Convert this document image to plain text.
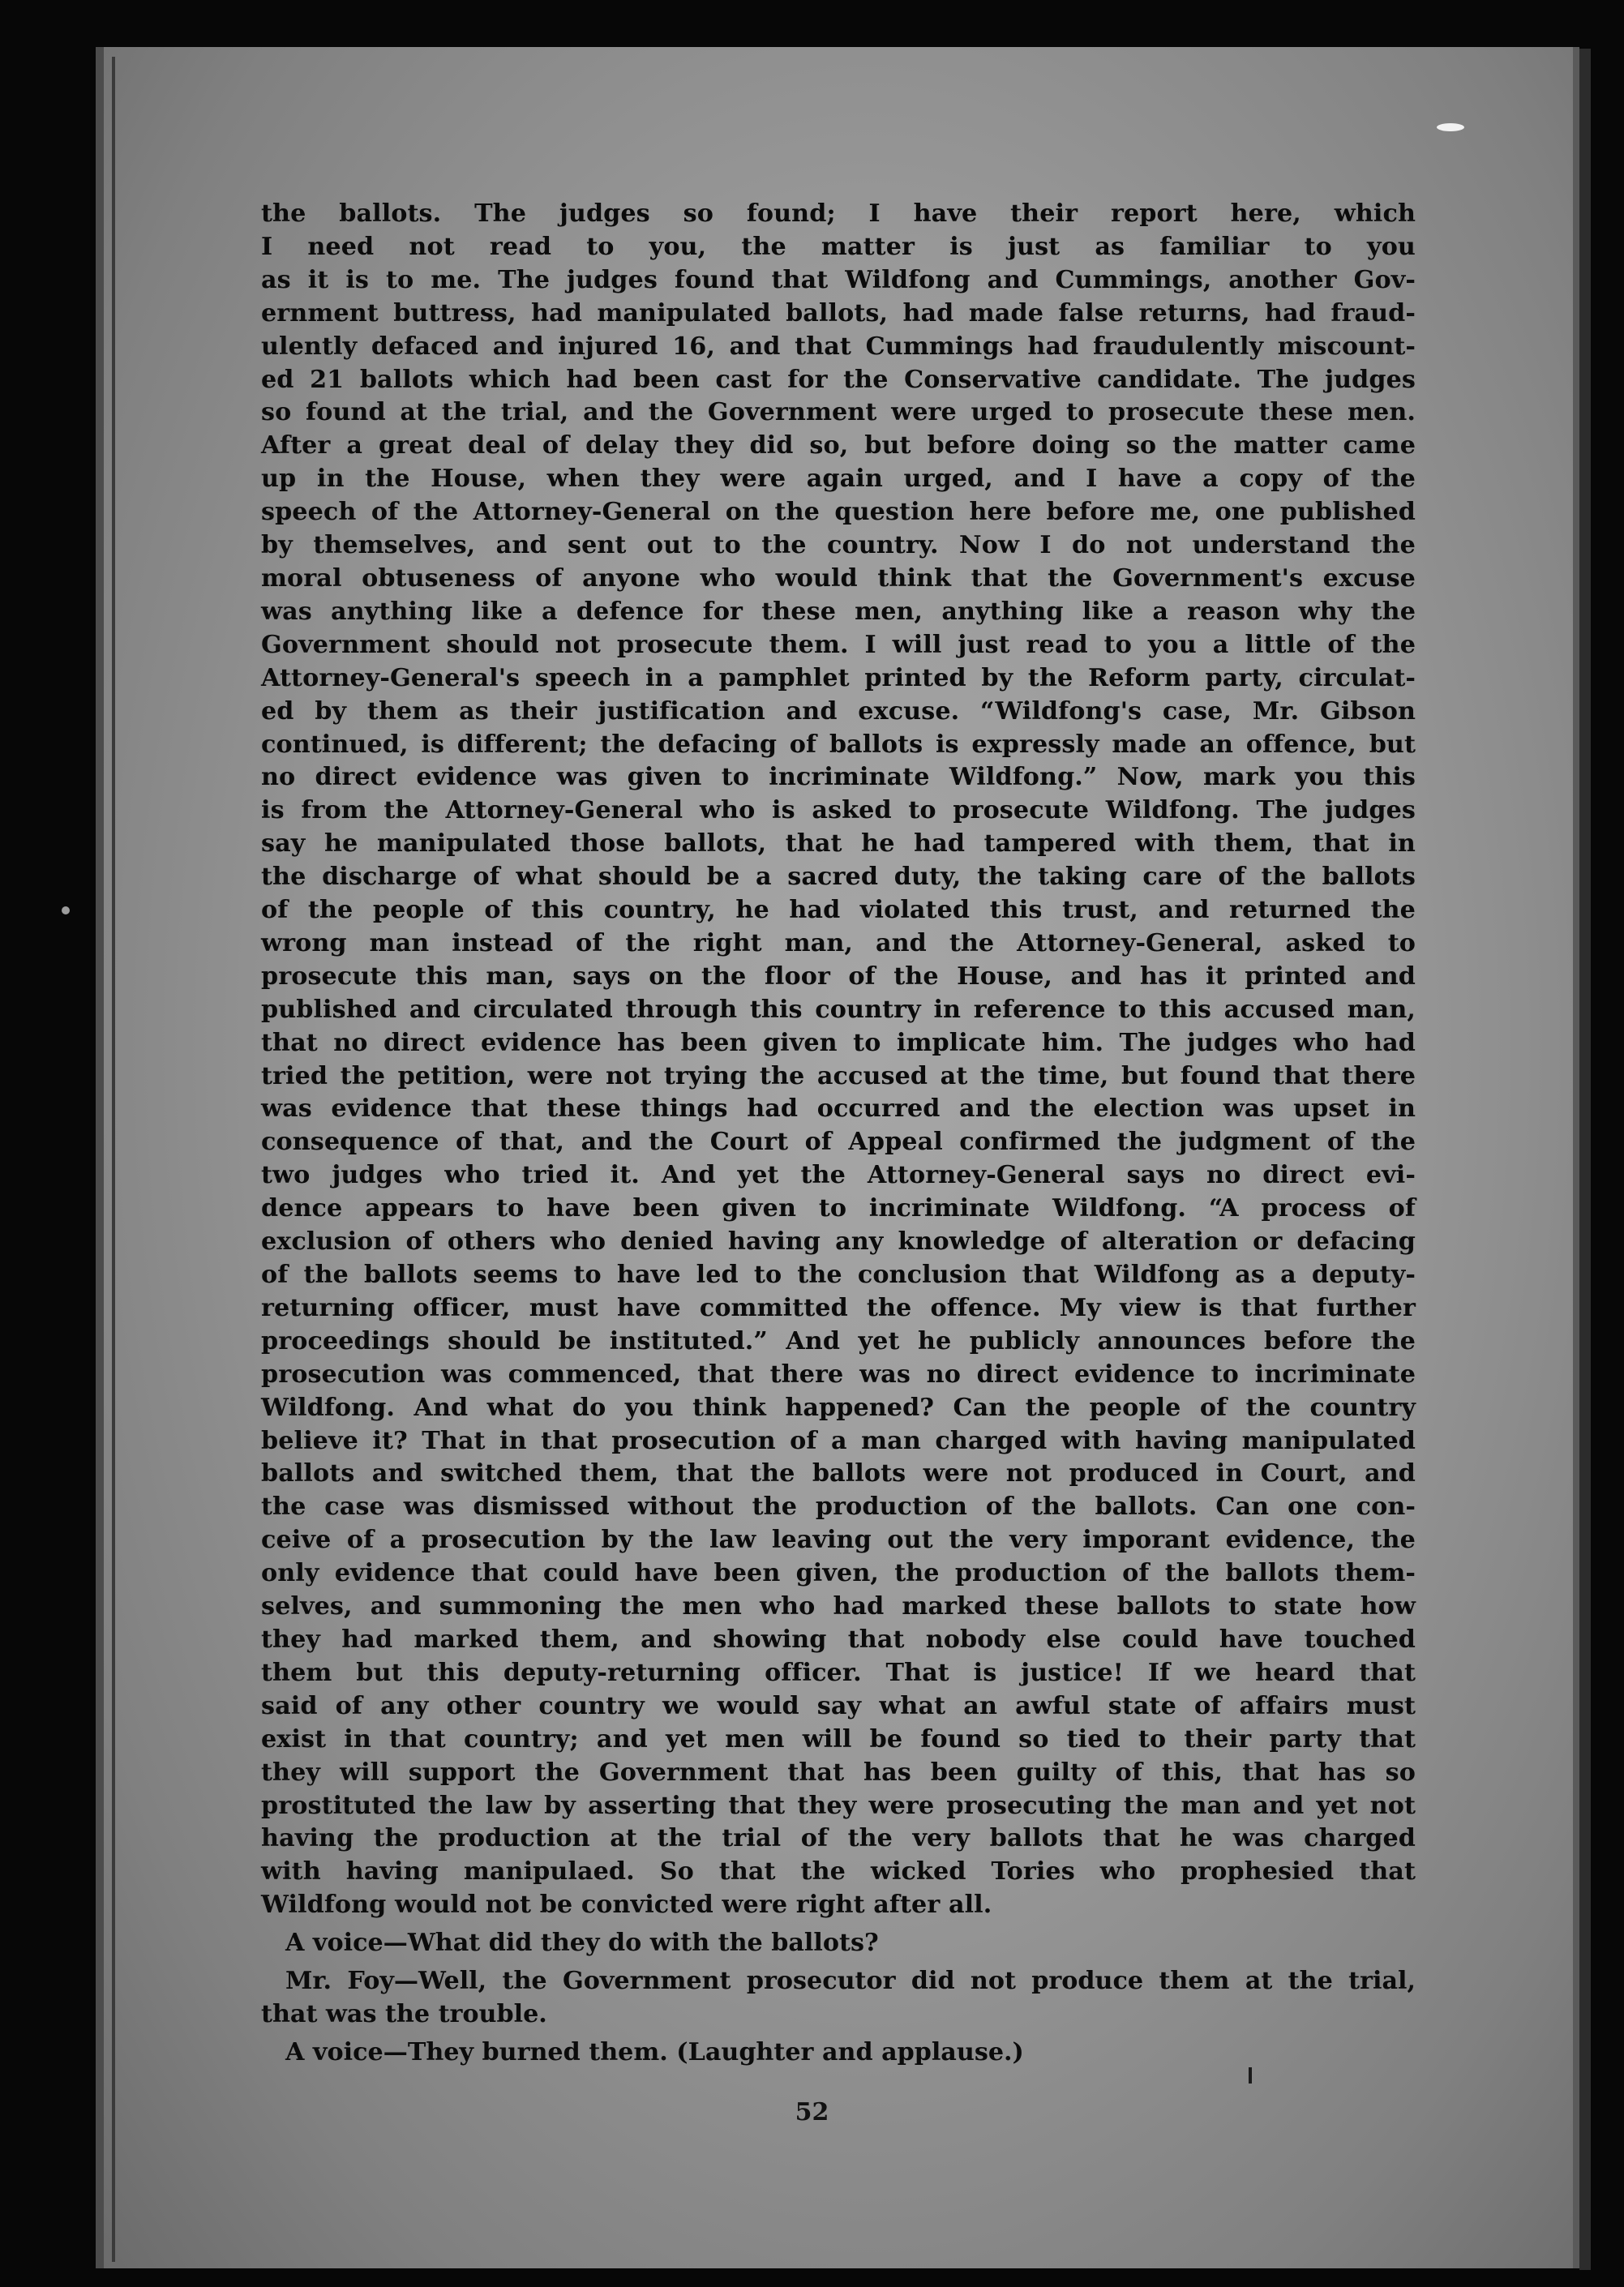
the ballots. The judges so found; I have their report here, which
I need not read to you, the matter is just as familiar to you
as it is to me. The judges found that Wildfong and Cummings, another Gov-
ernment buttress, had manipulated ballots, had made false returns, had fraud-
ulently defaced and injured 16, and that Cummings had fraudulently miscount-
ed 21 ballots which had been cast for the Conservative candidate. The judges
so found at the trial, and the Government were urged to prosecute these men.
After a great deal of delay they did so, but before doing so the matter came
up in the House, when they were again urged, and I have a copy of the
speech of the Attorney-General on the question here before me, one published
by themselves, and sent out to the country. Now I do not understand the
moral obtuseness of anyone who would think that the Government's excuse
was anything like a defence for these men, anything like a reason why the
Government should not prosecute them. I will just read to you a little of the
Attorney-General's speech in a pamphlet printed by the Reform party, circulat-
ed by them as their justification and excuse. “Wildfong's case, Mr. Gibson
continued, is different; the defacing of ballots is expressly made an offence, but
no direct evidence was given to incriminate Wildfong.” Now, mark you this
is from the Attorney-General who is asked to prosecute Wildfong. The judges
say he manipulated those ballots, that he had tampered with them, that in
the discharge of what should be a sacred duty, the taking care of the ballots
of the people of this country, he had violated this trust, and returned the
wrong man instead of the right man, and the Attorney-General, asked to
prosecute this man, says on the floor of the House, and has it printed and
published and circulated through this country in reference to this accused man,
that no direct evidence has been given to implicate him. The judges who had
tried the petition, were not trying the accused at the time, but found that there
was evidence that these things had occurred and the election was upset in
consequence of that, and the Court of Appeal confirmed the judgment of the
two judges who tried it. And yet the Attorney-General says no direct evi-
dence appears to have been given to incriminate Wildfong. “A process of
exclusion of others who denied having any knowledge of alteration or defacing
of the ballots seems to have led to the conclusion that Wildfong as a deputy-
returning officer, must have committed the offence. My view is that further
proceedings should be instituted.” And yet he publicly announces before the
prosecution was commenced, that there was no direct evidence to incriminate
Wildfong. And what do you think happened? Can the people of the country
believe it? That in that prosecution of a man charged with having manipulated
ballots and switched them, that the ballots were not produced in Court, and
the case was dismissed without the production of the ballots. Can one con-
ceive of a prosecution by the law leaving out the very imporant evidence, the
only evidence that could have been given, the production of the ballots them-
selves, and summoning the men who had marked these ballots to state how
they had marked them, and showing that nobody else could have touched
them but this deputy-returning officer. That is justice! If we heard that
said of any other country we would say what an awful state of affairs must
exist in that country; and yet men will be found so tied to their party that
they will support the Government that has been guilty of this, that has so
prostituted the law by asserting that they were prosecuting the man and yet not
having the production at the trial of the very ballots that he was charged
with having manipulaed. So that the wicked Tories who prophesied that
Wildfong would not be convicted were right after all.
A voice—What did they do with the ballots?
Mr. Foy—Well, the Government prosecutor did not produce them at the trial,
that was the trouble.
A voice—They burned them. (Laughter and applause.)
52
